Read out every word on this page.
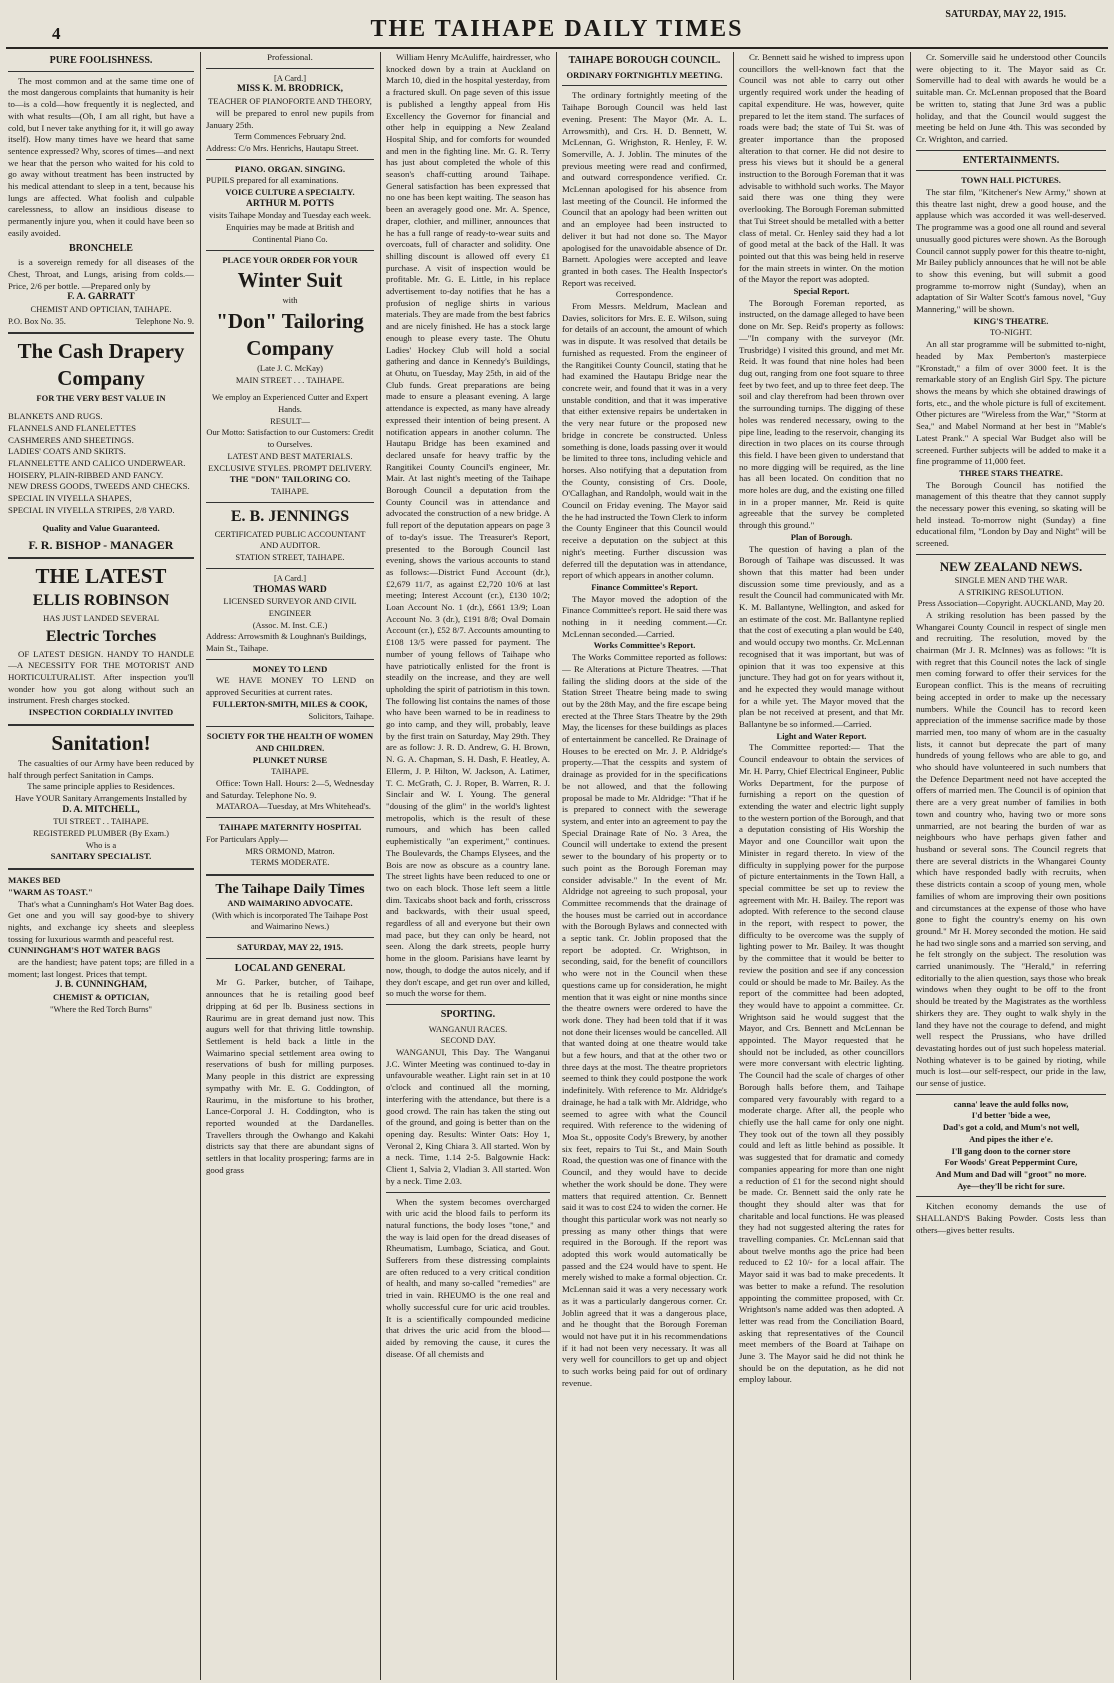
4	THE TAIHAPE DAILY TIMES
SATURDAY, MAY 22, 1915.
PURE FOOLISHNESS.

The most common and at the same time one of the most dangerous complaints that humanity is heir to—is a cold—how frequently it is neglected, and with what results—(Oh, I am all right, but have a cold, but I never take anything for it, it will go away itself). How many times have we heard that same sentence expressed? Why, scores of times—and next we hear that the person who waited for his cold to go away without treatment has been instructed by his medical attendant to sleep in a tent, because his lungs are affected. What foolish and culpable carelessness, to allow an insidious disease to permanently injure you, when it could have been so easily avoided.

BRONCHELE

is a sovereign remedy for all diseases of the Chest, Throat, and Lungs, arising from colds.—Price, 2/6 per bottle. —Prepared only by

F. A. GARRATT
CHEMIST AND OPTICIAN, TAIHAPE.
P.O. Box No. 35.	Telephone No. 9.
The Cash Drapery
Company
FOR THE VERY BEST VALUE IN
BLANKETS AND RUGS.
FLANNELS AND FLANELETTES
CASHMERES AND SHEETINGS.
LADIES' COATS AND SKIRTS.
FLANNELETTE AND CALICO UNDERWEAR.
HOISERY, PLAIN-RIBBED AND FANCY.
NEW DRESS GOODS, TWEEDS AND CHECKS.
SPECIAL IN VIYELLA SHAPES,
SPECIAL IN VIYELLA STRIPES, 2/8 YARD.
Quality and Value Guaranteed.
F. R. BISHOP - MANAGER
THE LATEST
ELLIS ROBINSON
HAS JUST LANDED SEVERAL
Electric Torches

OF LATEST DESIGN. HANDY TO HANDLE—A NECESSITY FOR THE MOTORIST AND HORTICULTURALIST. After inspection you'll wonder how you got along without such an instrument. Fresh charges stocked.

INSPECTION CORDIALLY INVITED
Sanitation!

The casualties of our Army have been reduced by half through perfect Sanitation in Camps.

The same principle applies to Residences.
Have YOUR Sanitary Arrangements Installed by
D. A. MITCHELL,
TUI STREET . . TAIHAPE.
REGISTERED PLUMBER (By Exam.)
Who is a
SANITARY SPECIALIST.
MAKES BED
"WARM AS TOAST."

That's what a Cunningham's Hot Water Bag does. Get one and you will say good-bye to shivery nights, and exchange icy sheets and sleepless tossing for luxurious warmth and peaceful rest.

CUNNINGHAM'S HOT WATER BAGS

are the handiest; have patent tops; are filled in a moment; last longest. Prices that tempt.

J. B. CUNNINGHAM,
CHEMIST & OPTICIAN,
"Where the Red Torch Burns"
Professional.
[A Card.]
MISS K. M. BRODRICK,
TEACHER OF PIANOFORTE AND THEORY,

will be prepared to enrol new pupils from January 25th.

Term Commences February 2nd.
Address: C/o Mrs. Henrichs, Hautapu Street.
PIANO. ORGAN. SINGING.
PUPILS prepared for all examinations.
VOICE CULTURE A SPECIALTY.
ARTHUR M. POTTS
visits Taihape Monday and Tuesday each week.
Enquiries may be made at British and Continental Piano Co.
PLACE YOUR ORDER FOR YOUR
Winter Suit
with
"Don" Tailoring
Company
(Late J. C. McKay)
MAIN STREET . . . TAIHAPE.
We employ an Experienced Cutter and Expert Hands.
RESULT—
Our Motto: Satisfaction to our Customers: Credit to Ourselves.
LATEST AND BEST MATERIALS. EXCLUSIVE STYLES. PROMPT DELIVERY.
THE "DON" TAILORING CO.
TAIHAPE.
E. B. JENNINGS
CERTIFICATED PUBLIC ACCOUNTANT AND AUDITOR.
STATION STREET, TAIHAPE.
[A Card.]
THOMAS WARD
LICENSED SURVEYOR AND CIVIL ENGINEER
(Assoc. M. Inst. C.E.)
Address: Arrowsmith & Loughnan's Buildings, Main St., Taihape.
MONEY TO LEND

WE HAVE MONEY TO LEND on approved Securities at current rates.

FULLERTON-SMITH, MILES & COOK,
Solicitors, Taihape.
SOCIETY FOR THE HEALTH OF WOMEN AND CHILDREN.
PLUNKET NURSE
TAIHAPE.

Office: Town Hall. Hours: 2—5, Wednesday and Saturday. Telephone No. 9.

MATAROA—Tuesday, at Mrs Whitehead's.

TAIHAPE MATERNITY HOSPITAL
For Particulars Apply—
MRS ORMOND, Matron.
TERMS MODERATE.
The Taihape Daily Times
AND WAIMARINO ADVOCATE.
(With which is incorporated The Taihape Post and Waimarino News.)
SATURDAY, MAY 22, 1915.
LOCAL AND GENERAL

Mr G. Parker, butcher, of Taihape, announces that he is retailing good beef dripping at 6d per lb. Business sections in Raurimu are in great demand just now. This augurs well for that thriving little township. Settlement is held back a little in the Waimarino special settlement area owing to reservations of bush for milling purposes. Many people in this district are expressing sympathy with Mr. E. G. Coddington, of Raurimu, in the misfortune to his brother, Lance-Corporal J. H. Coddington, who is reported wounded at the Dardanelles. Travellers through the Owhango and Kakahi districts say that there are abundant signs of settlers in that locality prospering; farms are in good grass

William Henry McAuliffe, hairdresser, who knocked down by a train at Auckland on March 10, died in the hospital yesterday, from a fractured skull. On page seven of this issue is published a lengthy appeal from His Excellency the Governor for financial and other help in equipping a New Zealand Hospital Ship, and for comforts for wounded and men in the fighting line. Mr. G. R. Terry has just about completed the whole of this season's chaff-cutting around Taihape. General satisfaction has been expressed that no one has been kept waiting. The season has been an averagely good one. Mr. A. Spence, draper, clothier, and milliner, announces that he has a full range of ready-to-wear suits and overcoats, full of character and solidity. One shilling discount is allowed off every £1 purchase. A visit of inspection would be profitable. Mr. G. E. Little, in his replace advertisement to-day notifies that he has a profusion of neglige shirts in various materials. They are made from the best fabrics and are nicely finished. He has a stock large enough to please every taste. The Ohutu Ladies' Hockey Club will hold a social gathering and dance in Kennedy's Buildings, at Ohutu, on Tuesday, May 25th, in aid of the Club funds. Great preparations are being made to ensure a pleasant evening. A large attendance is expected, as many have already expressed their intention of being present. A notification appears in another column. The Hautapu Bridge has been examined and declared unsafe for heavy traffic by the Rangitikei County Council's engineer, Mr. Mair. At last night's meeting of the Taihape Borough Council a deputation from the County Council was in attendance and advocated the construction of a new bridge. A full report of the deputation appears on page 3 of to-day's issue. The Treasurer's Report, presented to the Borough Council last evening, shows the various accounts to stand as follows:—District Fund Account (dr.), £2,679 11/7, as against £2,720 10/6 at last meeting; Interest Account (cr.), £130 10/2; Loan Account No. 1 (dr.), £661 13/9; Loan Account No. 3 (dr.), £191 8/8; Oval Domain Account (cr.), £52 8/7. Accounts amounting to £108 13/5 were passed for payment. The number of young fellows of Taihape who have patriotically enlisted for the front is steadily on the increase, and they are well upholding the spirit of patriotism in this town. The following list contains the names of those who have been warned to be in readiness to go into camp, and they will, probably, leave by the first train on Saturday, May 29th. They are as follow: J. R. D. Andrew, G. H. Brown, N. G. A. Chapman, S. H. Dash, F. Heatley, A. Ellerm, J. P. Hilton, W. Jackson, A. Latimer, T. C. McGrath, C. J. Roper, B. Warren, R. J. Sinclair and W. I. Young. The general "dousing of the glim" in the world's lightest metropolis, which is the result of these rumours, and which has been called euphemistically "an experiment," continues. The Boulevards, the Champs Elysees, and the Bois are now as obscure as a country lane. The street lights have been reduced to one or two on each block. Those left seem a little dim. Taxicabs shoot back and forth, crisscross and backwards, with their usual speed, regardless of all and everyone but their own mad pace, but they can only be heard, not seen. Along the dark streets, people hurry home in the gloom. Parisians have learnt by now, though, to dodge the autos nicely, and if they don't escape, and get run over and killed, so much the worse for them.

SPORTING.
WANGANUI RACES.
SECOND DAY.

WANGANUI, This Day. The Wanganui J.C. Winter Meeting was continued to-day in unfavourable weather. Light rain set in at 10 o'clock and continued all the morning, interfering with the attendance, but there is a good crowd. The rain has taken the sting out of the ground, and going is better than on the opening day. Results: Winter Oats: Hoy 1, Veronal 2, King Chiara 3. All started. Won by a neck. Time, 1.14 2-5. Balgownie Hack: Client 1, Salvia 2, Vladian 3. All started. Won by a neck. Time 2.03.

When the system becomes overcharged with uric acid the blood fails to perform its natural functions, the body loses "tone," and the way is laid open for the dread diseases of Rheumatism, Lumbago, Sciatica, and Gout. Sufferers from these distressing complaints are often reduced to a very critical condition of health, and many so-called "remedies" are tried in vain. RHEUMO is the one real and wholly successful cure for uric acid troubles. It is a scientifically compounded medicine that drives the uric acid from the blood—aided by removing the cause, it cures the disease. Of all chemists and

TAIHAPE BOROUGH COUNCIL.
ORDINARY FORTNIGHTLY MEETING.

The ordinary fortnightly meeting of the Taihape Borough Council was held last evening. Present: The Mayor (Mr. A. L. Arrowsmith), and Crs. H. D. Bennett, W. McLennan, G. Wrighston, R. Henley, F. W. Somerville, A. J. Joblin. The minutes of the previous meeting were read and confirmed, and outward correspondence verified. Cr. McLennan apologised for his absence from last meeting of the Council. He informed the Council that an apology had been written out and an employee had been instructed to deliver it but had not done so. The Mayor apologised for the unavoidable absence of Dr. Barnett. Apologies were accepted and leave granted in both cases. The Health Inspector's Report was received.

Correspondence.

From Messrs. Meldrum, Maclean and Davies, solicitors for Mrs. E. E. Wilson, suing for details of an account, the amount of which was in dispute. It was resolved that details be furnished as requested. From the engineer of the Rangitikei County Council, stating that he had examined the Hautapu Bridge near the concrete weir, and found that it was in a very unstable condition, and that it was imperative that either extensive repairs be undertaken in the very near future or the proposed new bridge in concrete be constructed. Unless something is done, loads passing over it would be limited to three tons, including vehicle and horses. Also notifying that a deputation from the County, consisting of Crs. Doole, O'Callaghan, and Randolph, would wait in the Council on Friday evening. The Mayor said the he had instructed the Town Clerk to inform the County Engineer that this Council would receive a deputation on the subject at this night's meeting. Further discussion was deferred till the deputation was in attendance, report of which appears in another column.

Finance Committee's Report.

The Mayor moved the adoption of the Finance Committee's report. He said there was nothing in it needing comment.—Cr. McLennan seconded.—Carried.

Works Committee's Report.

The Works Committee reported as follows:— Re Alterations at Picture Theatres. —That failing the sliding doors at the side of the Station Street Theatre being made to swing out by the 28th May, and the fire escape being erected at the Three Stars Theatre by the 29th May, the licenses for these buildings as places of entertainment be cancelled. Re Drainage of Houses to be erected on Mr. J. P. Aldridge's property.—That the cesspits and system of drainage as provided for in the specifications be not allowed, and that the following proposal be made to Mr. Aldridge: "That if he is prepared to connect with the sewerage system, and enter into an agreement to pay the Special Drainage Rate of No. 3 Area, the Council will undertake to extend the present sewer to the boundary of his property or to such point as the Borough Foreman may consider advisable." In the event of Mr. Aldridge not agreeing to such proposal, your Committee recommends that the drainage of the houses must be carried out in accordance with the Borough Bylaws and connected with a septic tank. Cr. Joblin proposed that the report be adopted. Cr. Wrightson, in seconding, said, for the benefit of councillors who were not in the Council when these questions came up for consideration, he might mention that it was eight or nine months since the theatre owners were ordered to have the work done. They had been told that if it was not done their licenses would be cancelled. All that wanted doing at one theatre would take but a few hours, and that at the other two or three days at the most. The theatre proprietors seemed to think they could postpone the work indefinitely. With reference to Mr. Aldridge's drainage, he had a talk with Mr. Aldridge, who seemed to agree with what the Council required. With reference to the widening of Moa St., opposite Cody's Brewery, by another six feet, repairs to Tui St., and Main South Road, the question was one of finance with the Council, and they would have to decide whether the work should be done. They were matters that required attention. Cr. Bennett said it was to cost £24 to widen the corner. He thought this particular work was not nearly so pressing as many other things that were required in the Borough. If the report was adopted this work would automatically be passed and the £24 would have to spent. He merely wished to make a formal objection. Cr. McLennan said it was a very necessary work as it was a particularly dangerous corner. Cr. Joblin agreed that it was a dangerous place, and he thought that the Borough Foreman would not have put it in his recommendations if it had not been very necessary. It was all very well for councillors to get up and object to such works being paid for out of ordinary revenue.

Cr. Bennett said he wished to impress upon councillors the well-known fact that the Council was not able to carry out other urgently required work under the heading of capital expenditure. He was, however, quite prepared to let the item stand. The surfaces of roads were bad; the state of Tui St. was of greater importance than the proposed alteration to that corner. He did not desire to press his views but it should be a general instruction to the Borough Foreman that it was advisable to withhold such works. The Mayor said there was one thing they were overlooking. The Borough Foreman submitted that Tui Street should be metalled with a better class of metal. Cr. Henley said they had a lot of good metal at the back of the Hall. It was pointed out that this was being held in reserve for the main streets in winter. On the motion of the Mayor the report was adopted.

Special Report.

The Borough Foreman reported, as instructed, on the damage alleged to have been done on Mr. Sep. Reid's property as follows:—"In company with the surveyor (Mr. Trusbridge) I visited this ground, and met Mr. Reid. It was found that nine holes had been dug out, ranging from one foot square to three feet by two feet, and up to three feet deep. The soil and clay therefrom had been thrown over the surrounding turnips. The digging of these holes was rendered necessary, owing to the pipe line, leading to the reservoir, changing its direction in two places on its course through this field. I have been given to understand that no more digging will be required, as the line has all been located. On condition that no more holes are dug, and the existing one filled in in a proper manner, Mr. Reid is quite agreeable that the survey be completed through this ground."

Plan of Borough.

The question of having a plan of the Borough of Taihape was discussed. It was shown that this matter had been under discussion some time previously, and as a result the Council had communicated with Mr. K. M. Ballantyne, Wellington, and asked for an estimate of the cost. Mr. Ballantyne replied that the cost of executing a plan would be £40, and would occupy two months. Cr. McLennan recognised that it was important, but was of opinion that it was too expensive at this juncture. They had got on for years without it, and he expected they would manage without for a while yet. The Mayor moved that the plan be not received at present, and that Mr. Ballantyne be so informed.—Carried.

Light and Water Report.

The Committee reported:— That the Council endeavour to obtain the services of Mr. H. Parry, Chief Electrical Engineer, Public Works Department, for the purpose of furnishing a report on the question of extending the water and electric light supply to the western portion of the Borough, and that a deputation consisting of His Worship the Mayor and one Councillor wait upon the Minister in regard thereto. In view of the difficulty in supplying power for the purpose of picture entertainments in the Town Hall, a special committee be set up to review the agreement with Mr. H. Bailey. The report was adopted. With reference to the second clause in the report, with respect to power, the difficulty to be overcome was the supply of lighting power to Mr. Bailey. It was thought by the committee that it would be better to review the position and see if any concession could or should be made to Mr. Bailey. As the report of the committee had been adopted, they would have to appoint a committee. Cr. Wrightson said he would suggest that the Mayor, and Crs. Bennett and McLennan be appointed. The Mayor requested that he should not be included, as other councillors were more conversant with electric lighting. The Council had the scale of charges of other Borough halls before them, and Taihape compared very favourably with regard to a moderate charge. After all, the people who chiefly use the hall came for only one night. They took out of the town all they possibly could and left as little behind as possible. It was suggested that for dramatic and comedy companies appearing for more than one night a reduction of £1 for the second night should be made. Cr. Bennett said the only rate he thought they should alter was that for charitable and local functions. He was pleased they had not suggested altering the rates for travelling companies. Cr. McLennan said that about twelve months ago the price had been reduced to £2 10/- for a local affair. The Mayor said it was bad to make precedents. It was better to make a refund. The resolution appointing the committee proposed, with Cr. Wrightson's name added was then adopted. A letter was read from the Conciliation Board, asking that representatives of the Council meet members of the Board at Taihape on June 3. The Mayor said he did not think he should be on the deputation, as he did not employ labour.

Cr. Somerville said he understood other Councils were objecting to it. The Mayor said as Cr. Somerville had to deal with awards he would be a suitable man. Cr. McLennan proposed that the Board be written to, stating that June 3rd was a public holiday, and that the Council would suggest the meeting be held on June 4th. This was seconded by Cr. Wrighton, and carried.

ENTERTAINMENTS.
TOWN HALL PICTURES.

The star film, "Kitchener's New Army," shown at this theatre last night, drew a good house, and the applause which was accorded it was well-deserved. The programme was a good one all round and several unusually good pictures were shown. As the Borough Council cannot supply power for this theatre to-night, Mr Bailey publicly announces that he will not be able to show this evening, but will submit a good programme to-morrow night (Sunday), when an adaptation of Sir Walter Scott's famous novel, "Guy Mannering," will be shown.

KING'S THEATRE.
TO-NIGHT.

An all star programme will be submitted to-night, headed by Max Pemberton's masterpiece "Kronstadt," a film of over 3000 feet. It is the remarkable story of an English Girl Spy. The picture shows the means by which she obtained drawings of forts, etc., and the whole picture is full of excitement. Other pictures are "Wireless from the War," "Storm at Sea," and Mabel Normand at her best in "Mable's Latest Prank." A special War Budget also will be screened. Further subjects will be added to make it a fine programme of 11,000 feet.

THREE STARS THEATRE.

The Borough Council has notified the management of this theatre that they cannot supply the necessary power this evening, so skating will be held instead. To-morrow night (Sunday) a fine educational film, "London by Day and Night" will be screened.

NEW ZEALAND NEWS.
SINGLE MEN AND THE WAR.
A STRIKING RESOLUTION.
Press Association—Copyright. AUCKLAND, May 20.

A striking resolution has been passed by the Whangarei County Council in respect of single men and recruiting. The resolution, moved by the chairman (Mr J. R. McInnes) was as follows: "It is with regret that this Council notes the lack of single men coming forward to offer their services for the European conflict. This is the means of recruiting being accepted in order to make up the necessary numbers. While the Council has to record keen appreciation of the immense sacrifice made by those married men, too many of whom are in the casualty lists, it cannot but deprecate the part of many hundreds of young fellows who are able to go, and who should have volunteered in such numbers that the Defence Department need not have accepted the offers of married men. The Council is of opinion that there are a very great number of families in both town and country who, having two or more sons unmarried, are not bearing the burden of war as neighbours who have perhaps given father and husband or several sons. The Council regrets that there are several districts in the Whangarei County which have responded badly with recruits, when these districts contain a scoop of young men, whole families of whom are improving their own positions and circumstances at the expense of those who have gone to fight the country's enemy on his own ground." Mr H. Morey seconded the motion. He said he had two single sons and a married son serving, and he felt strongly on the subject. The resolution was carried unanimously. The "Herald," in referring editorially to the alien question, says those who break windows when they ought to be off to the front should be treated by the Magistrates as the worthless shirkers they are. They ought to walk shyly in the land they have not the courage to defend, and might well respect the Prussians, who have drilled devastating hordes out of just such hopeless material. Nothing whatever is to be gained by rioting, while much is lost—our self-respect, our pride in the law, our sense of justice.

canna' leave the auld folks now,
I'd better 'bide a wee,
Dad's got a cold, and Mum's not well,
And pipes the ither e'e.
I'll gang doon to the corner store
For Woods' Great Peppermint Cure,
And Mum and Dad will "groot" no more.
Aye—they'll be richt for sure.

Kitchen economy demands the use of SHALLAND'S Baking Powder. Costs less than others—gives better results.
